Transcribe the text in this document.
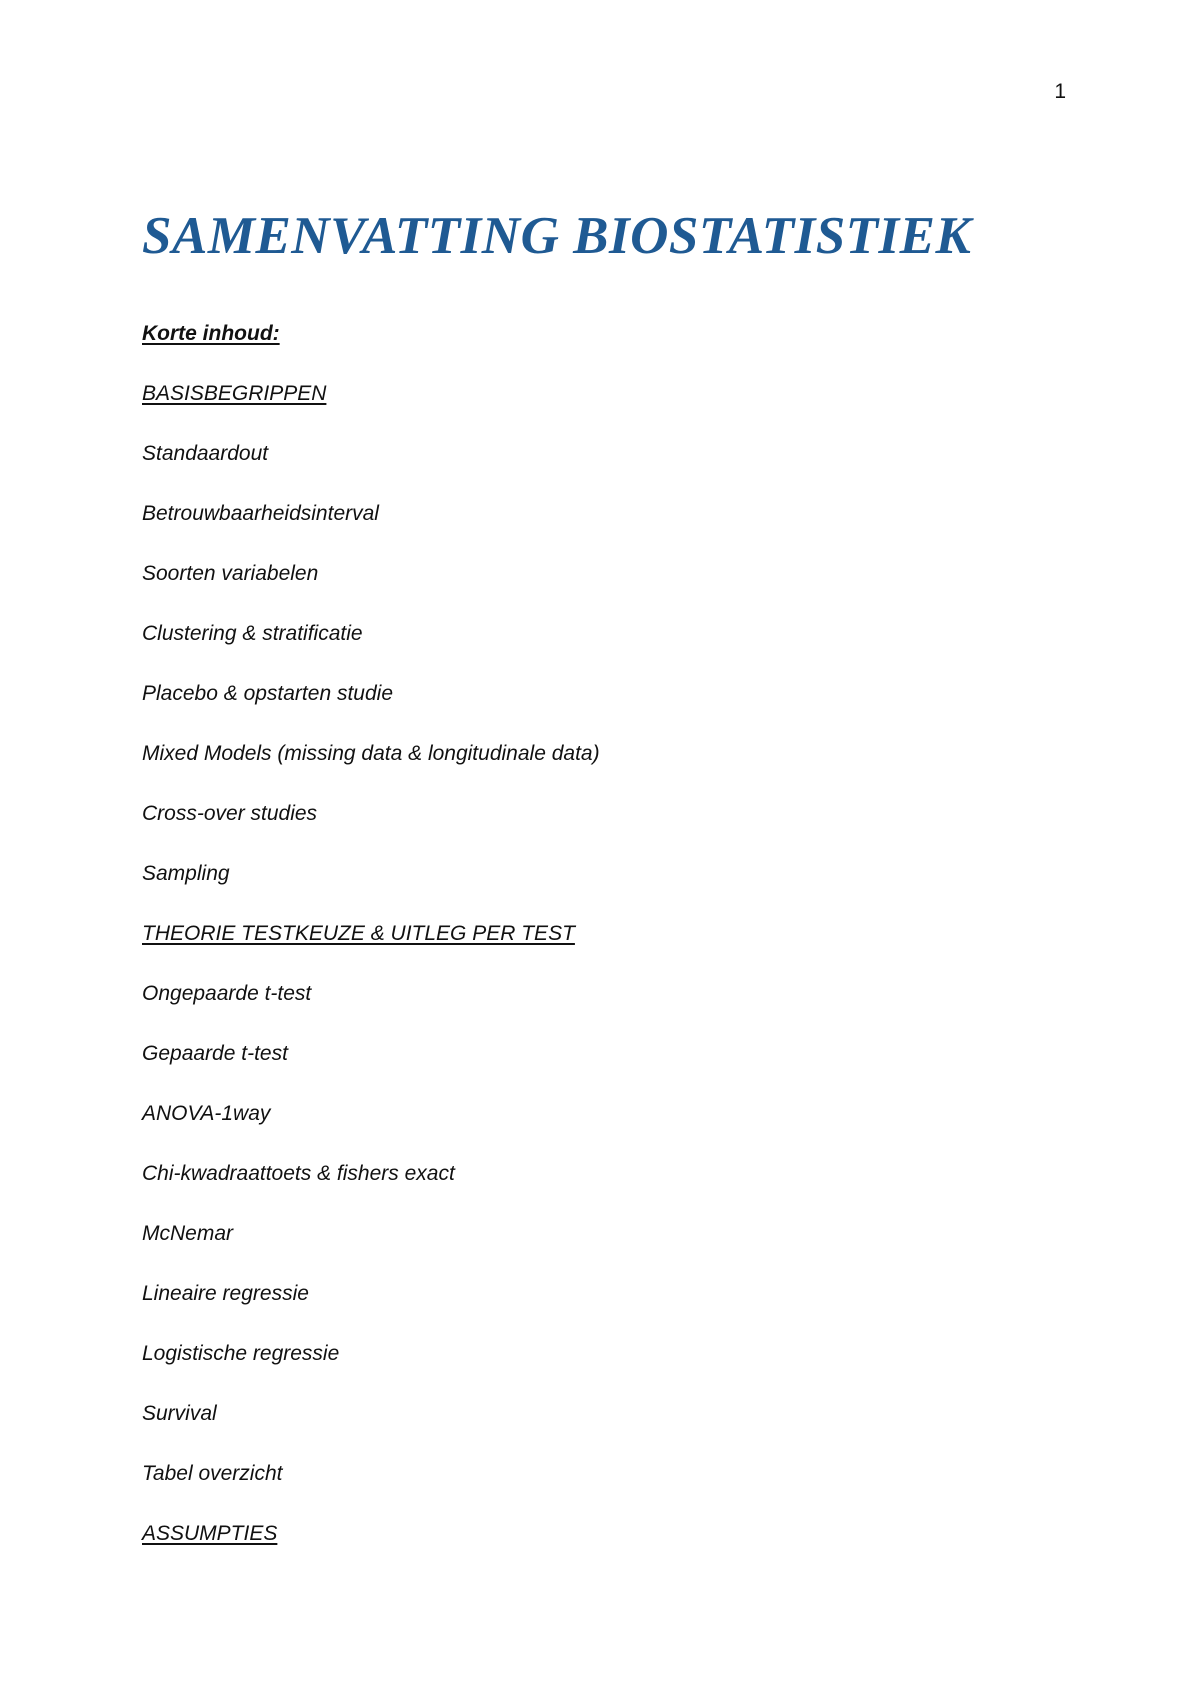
1
SAMENVATTING BIOSTATISTIEK
Korte inhoud:
BASISBEGRIPPEN
Standaardout
Betrouwbaarheidsinterval
Soorten variabelen
Clustering & stratificatie
Placebo & opstarten studie
Mixed Models (missing data & longitudinale data)
Cross-over studies
Sampling
THEORIE TESTKEUZE & UITLEG PER TEST
Ongepaarde t-test
Gepaarde t-test
ANOVA-1way
Chi-kwadraattoets & fishers exact
McNemar
Lineaire regressie
Logistische regressie
Survival
Tabel overzicht
ASSUMPTIES
